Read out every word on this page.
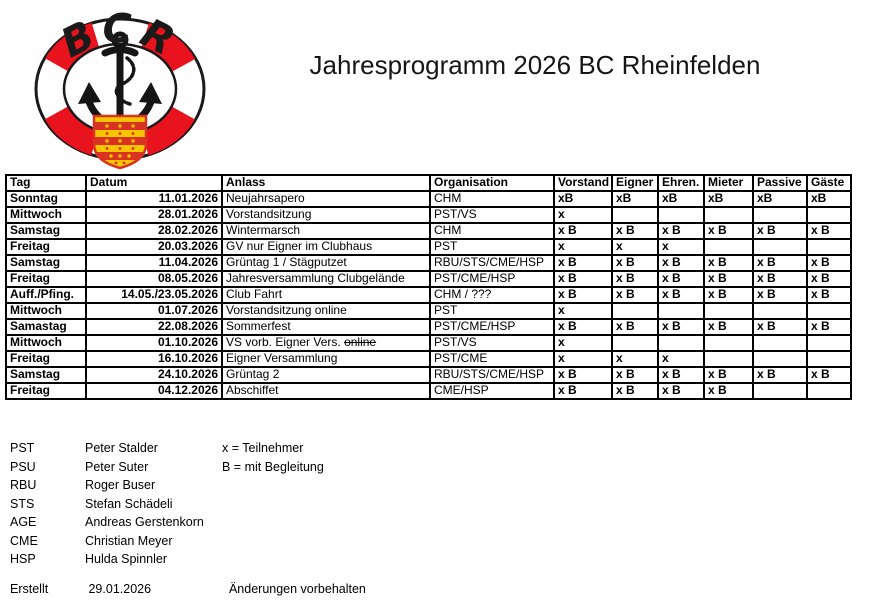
BCR	Jahresprogramm 2026 BC Rheinfelden
Tag	Datum	Anlass	Organisation	Vorstand	Eigner	Ehren.	Mieter	Passive	Gäste
Sonntag	11.01.2026	Neujahrsapero	CHM	xB	xB	xB	xB	xB	xB
Mittwoch	28.01.2026	Vorstandsitzung	PST/VS	x					
Samstag	28.02.2026	Wintermarsch	CHM	x B	x B	x B	x B	x B	x B
Freitag	20.03.2026	GV nur Eigner im Clubhaus	PST	x	x	x			
Samstag	11.04.2026	Grüntag 1 / Stägputzet	RBU/STS/CME/HSP	x B	x B	x B	x B	x B	x B
Freitag	08.05.2026	Jahresversammlung Clubgelände	PST/CME/HSP	x B	x B	x B	x B	x B	x B
Auff./Pfing.	14.05./23.05.2026	Club Fahrt	CHM / ???	x B	x B	x B	x B	x B	x B
Mittwoch	01.07.2026	Vorstandsitzung online	PST	x					
Samastag	22.08.2026	Sommerfest	PST/CME/HSP	x B	x B	x B	x B	x B	x B
Mittwoch	01.10.2026	VS vorb. Eigner Vers. online	PST/VS	x					
Freitag	16.10.2026	Eigner Versammlung	PST/CME	x	x	x			
Samstag	24.10.2026	Grüntag 2	RBU/STS/CME/HSP	x B	x B	x B	x B	x B	x B
Freitag	04.12.2026	Abschiffet	CME/HSP	x B	x B	x B	x B		
PST	Peter Stalder	x = Teilnehmer
PSU	Peter Suter	B = mit Begleitung
RBU	Roger Buser
STS	Stefan Schädeli
AGE	Andreas Gerstenkorn
CME	Christian Meyer
HSP	Hulda Spinnler
Erstellt	29.01.2026	Änderungen vorbehalten
